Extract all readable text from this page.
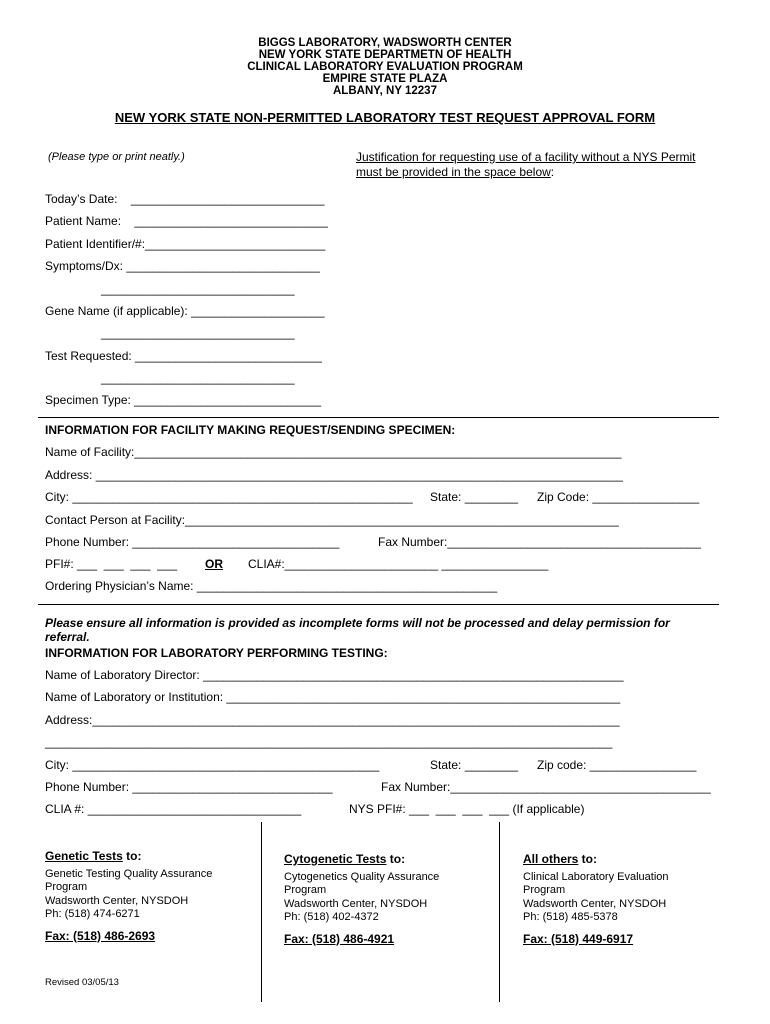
BIGGS LABORATORY, WADSWORTH CENTER
NEW YORK STATE DEPARTMETN OF HEALTH
CLINICAL LABORATORY EVALUATION PROGRAM
EMPIRE STATE PLAZA
ALBANY, NY 12237
NEW YORK STATE NON-PERMITTED LABORATORY TEST REQUEST APPROVAL FORM
(Please type or print neatly.)	Justification for requesting use of a facility without a NYS Permit
must be provided in the space below:
Today’s Date:    _____________________________
Patient Name:    _____________________________
Patient Identifier/#:___________________________
Symptoms/Dx: _____________________________
_____________________________
Gene Name (if applicable): ____________________
_____________________________
Test Requested: ____________________________
_____________________________
Specimen Type: ____________________________
INFORMATION FOR FACILITY MAKING REQUEST/SENDING SPECIMEN:
Name of Facility:_________________________________________________________________________
Address: _______________________________________________________________________________
City: ___________________________________________________ State: ________ Zip Code: ________________
Contact Person at Facility:_________________________________________________________________
Phone Number: _______________________________	Fax Number:______________________________________
PFI#: ___  ___  ___  ___ OR CLIA#:_______________________ ________________
Ordering Physician’s Name: _____________________________________________
Please ensure all information is provided as incomplete forms will not be processed and delay permission for
referral.
INFORMATION FOR LABORATORY PERFORMING TESTING:
Name of Laboratory Director: _______________________________________________________________
Name of Laboratory or Institution: ___________________________________________________________
Address:_______________________________________________________________________________
_____________________________________________________________________________________
City: ______________________________________________	State: ________ Zip code: ________________
Phone Number: ______________________________	Fax Number:_______________________________________
CLIA #: ________________________________	NYS PFI#: ___  ___  ___  ___ (If applicable)
Genetic Tests to:
Genetic Testing Quality Assurance
Program
Wadsworth Center, NYSDOH
Ph: (518) 474-6271
Fax: (518) 486-2693
Cytogenetic Tests to:
Cytogenetics Quality Assurance
Program
Wadsworth Center, NYSDOH
Ph: (518) 402-4372
Fax: (518) 486-4921
All others to:
Clinical Laboratory Evaluation
Program
Wadsworth Center, NYSDOH
Ph: (518) 485-5378
Fax: (518) 449-6917
Revised 03/05/13
